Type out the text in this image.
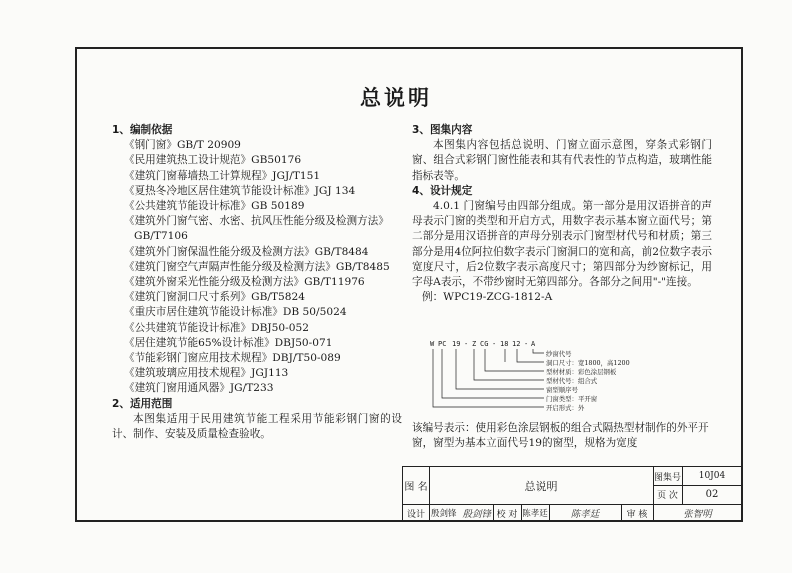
总说明
1、编制依据
《钢门窗》GB/T 20909
《民用建筑热工设计规范》GB50176
《建筑门窗幕墙热工计算规程》JGJ/T151
《夏热冬冷地区居住建筑节能设计标准》JGJ 134
《公共建筑节能设计标准》GB 50189
《建筑外门窗气密、水密、抗风压性能分级及检测方法》
GB/T7106
《建筑外门窗保温性能分级及检测方法》GB/T8484
《建筑门窗空气声隔声性能分级及检测方法》GB/T8485
《建筑外窗采光性能分级及检测方法》GB/T11976
《建筑门窗洞口尺寸系列》GB/T5824
《重庆市居住建筑节能设计标准》DB 50/5024
《公共建筑节能设计标准》DBJ50-052
《居住建筑节能65%设计标准》DBJ50-071
《节能彩钢门窗应用技术规程》DBJ/T50-089
《建筑玻璃应用技术规程》JGJ113
《建筑门窗用通风器》JG/T233
2、适用范围
本图集适用于民用建筑节能工程采用节能彩钢门窗的设计、制作、安装及质量检查验收。
3、图集内容
本图集内容包括总说明、门窗立面示意图，穿条式彩钢门窗、组合式彩钢门窗性能表和其有代表性的节点构造，玻璃性能指标表等。
4、设计规定
4.0.1 门窗编号由四部分组成。第一部分是用汉语拼音的声母表示门窗的类型和开启方式，用数字表示基本窗立面代号；第二部分是用汉语拼音的声母分别表示门窗型材代号和材质；第三部分是用4位阿拉伯数字表示门窗洞口的宽和高，前2位数字表示宽度尺寸，后2位数字表示高度尺寸；第四部分为纱窗标记，用字母A表示，不带纱窗时无第四部分。各部分之间用"-"连接。
例：WPC19-ZCG-1812-A
W PC 19 - Z CG - 18 12 - A
纱窗代号
洞口尺寸：宽1800，高1200
型材材质：彩色涂层钢板
型材代号：组合式
窗型顺序号
门窗类型：平开窗
开启形式：外
该编号表示：使用彩色涂层钢板的组合式隔热型材制作的外平开窗，窗型为基本立面代号19的窗型，规格为宽度
图 名	总说明
图集号	10J04
页 次	02
设计 殷剑锋 殷剑锋 校 对 陈孝廷 陈孝廷	审 核	张智明
